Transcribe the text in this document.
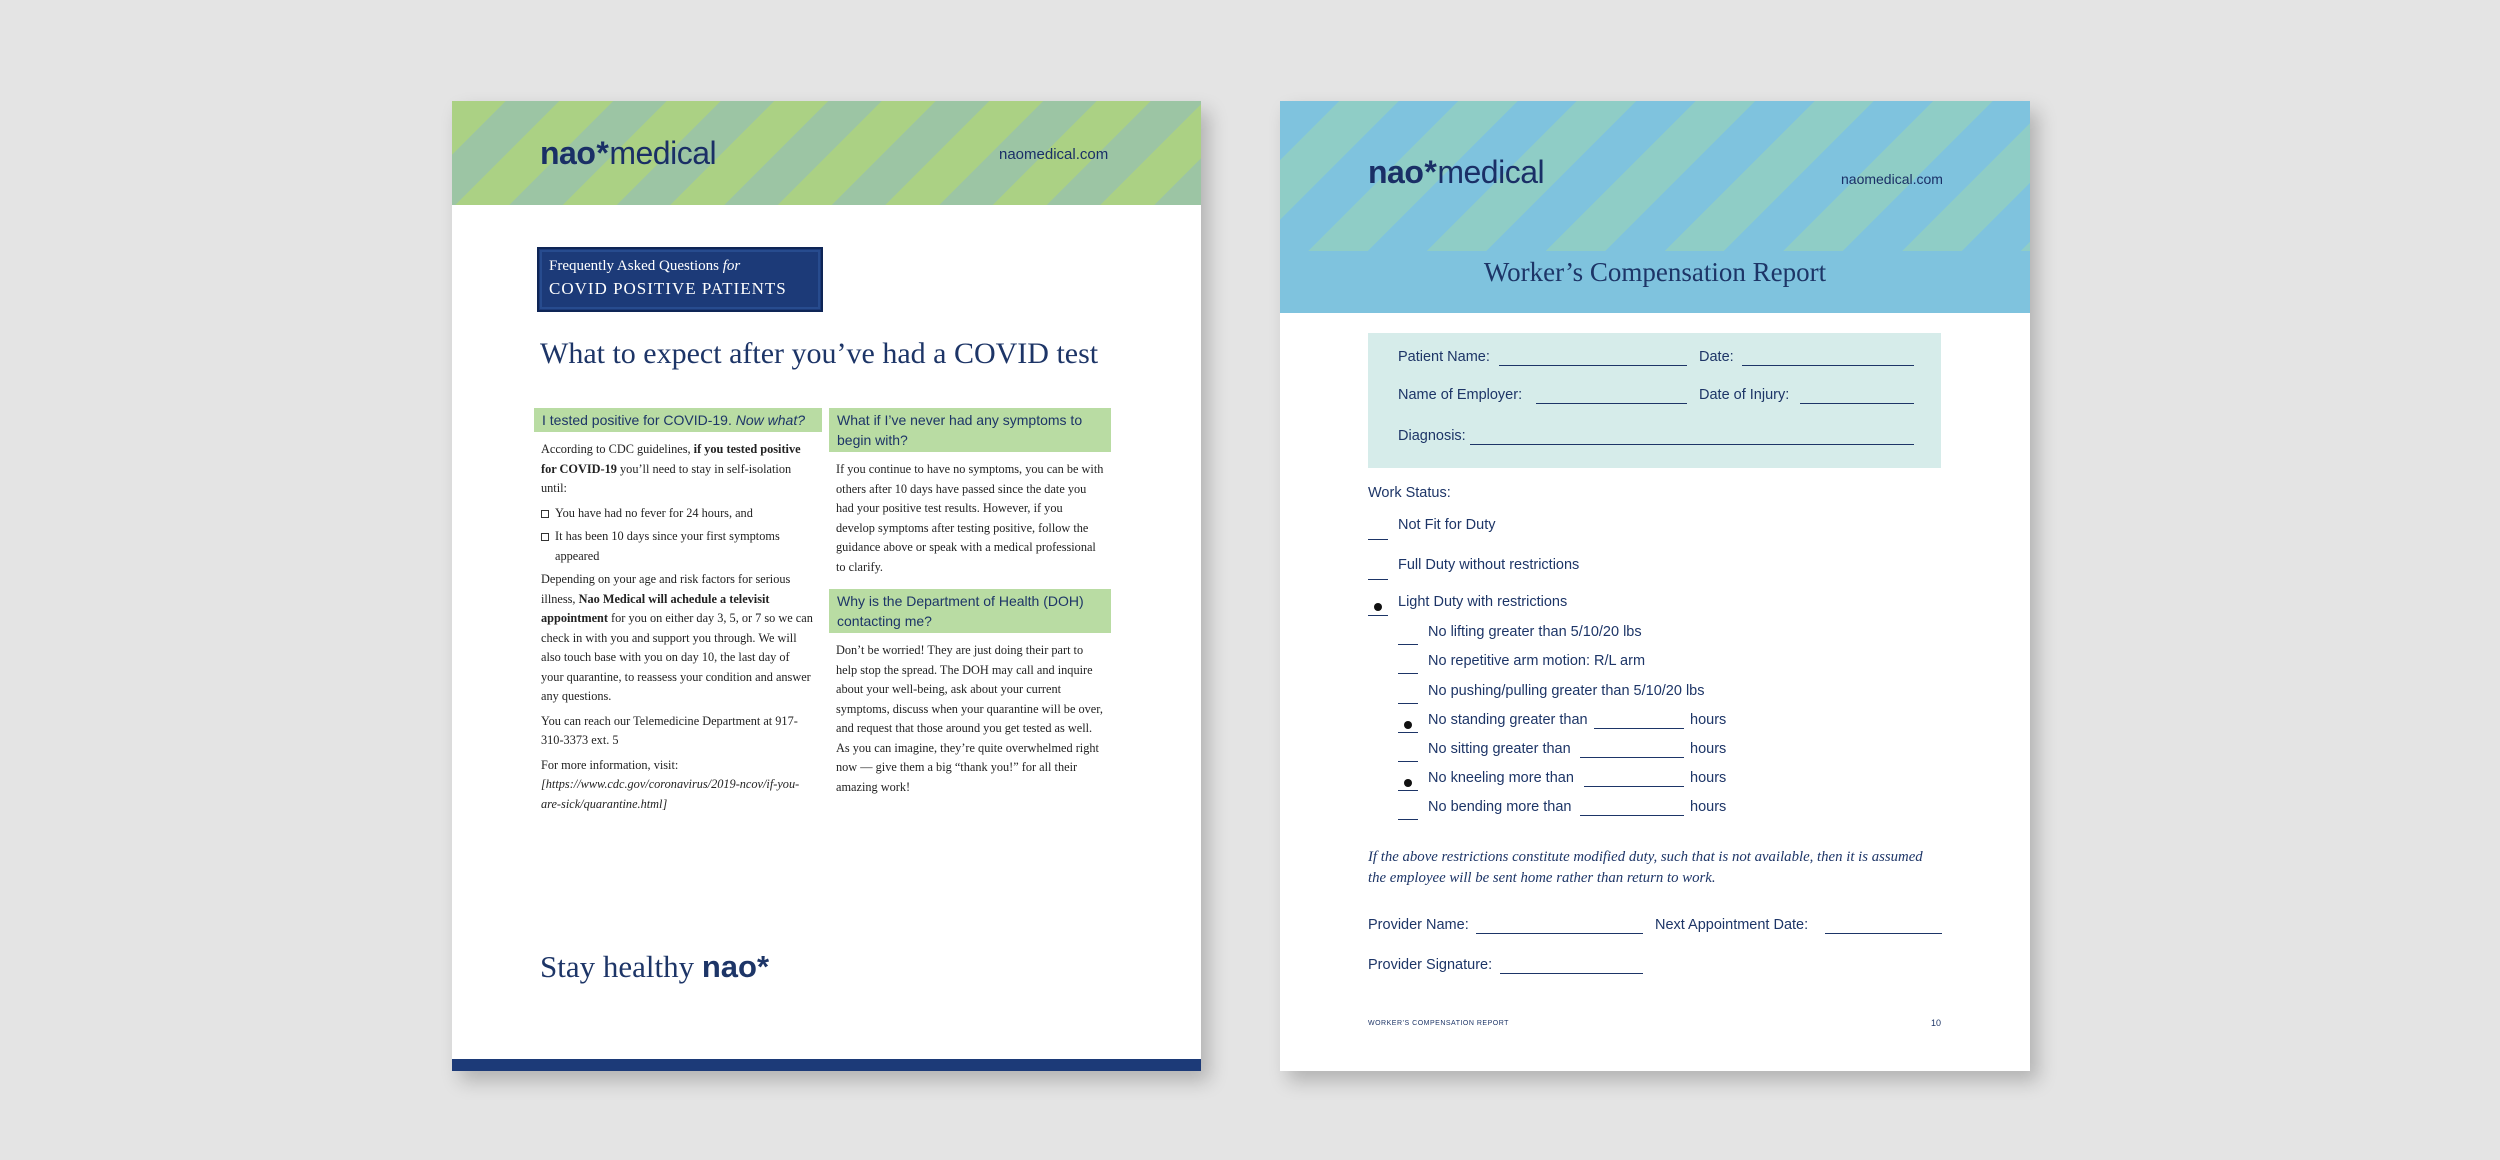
nao*medical	naomedical.com
Frequently Asked Questions for
COVID POSITIVE PATIENTS
What to expect after you’ve had a COVID test
I tested positive for COVID-19. Now what?

According to CDC guidelines, if you tested positive for COVID-19 you’ll need to stay in self-isolation until:

You have had no fever for 24 hours, and
It has been 10 days since your first symptoms appeared

Depending on your age and risk factors for serious illness, Nao Medical will achedule a televisit appointment for you on either day 3, 5, or 7 so we can check in with you and support you through. We will also touch base with you on day 10, the last day of your quarantine, to reassess your condition and answer any questions.

You can reach our Telemedicine Department at 917-310-3373 ext. 5

For more information, visit: [https://www.cdc.gov/coronavirus/2019-ncov/if-you-are-sick/quarantine.html]

What if I’ve never had any symptoms to begin with?

If you continue to have no symptoms, you can be with others after 10 days have passed since the date you had your positive test results. However, if you develop symptoms after testing positive, follow the guidance above or speak with a medical professional to clarify.

Why is the Department of Health (DOH) contacting me?

Don’t be worried! They are just doing their part to help stop the spread. The DOH may call and inquire about your well-being, ask about your current symptoms, discuss when your quarantine will be over, and request that those around you get tested as well. As you can imagine, they’re quite overwhelmed right now — give them a big “thank you!” for all their amazing work!

Stay healthy nao*
nao*medical	naomedical.com
Worker’s Compensation Report
Patient Name:	Date:
Name of Employer:	Date of Injury:
Diagnosis:
Work Status:
Not Fit for Duty
Full Duty without restrictions
Light Duty with restrictions
No lifting greater than 5/10/20 lbs
No repetitive arm motion: R/L arm
No pushing/pulling greater than 5/10/20 lbs
No standing greater than	hours
No sitting greater than	hours
No kneeling more than	hours
No bending more than	hours
If the above restrictions constitute modified duty, such that is not available, then it is assumed the employee will be sent home rather than return to work.
Provider Name:	Next Appointment Date:
Provider Signature:
WORKER’S COMPENSATION REPORT	10
